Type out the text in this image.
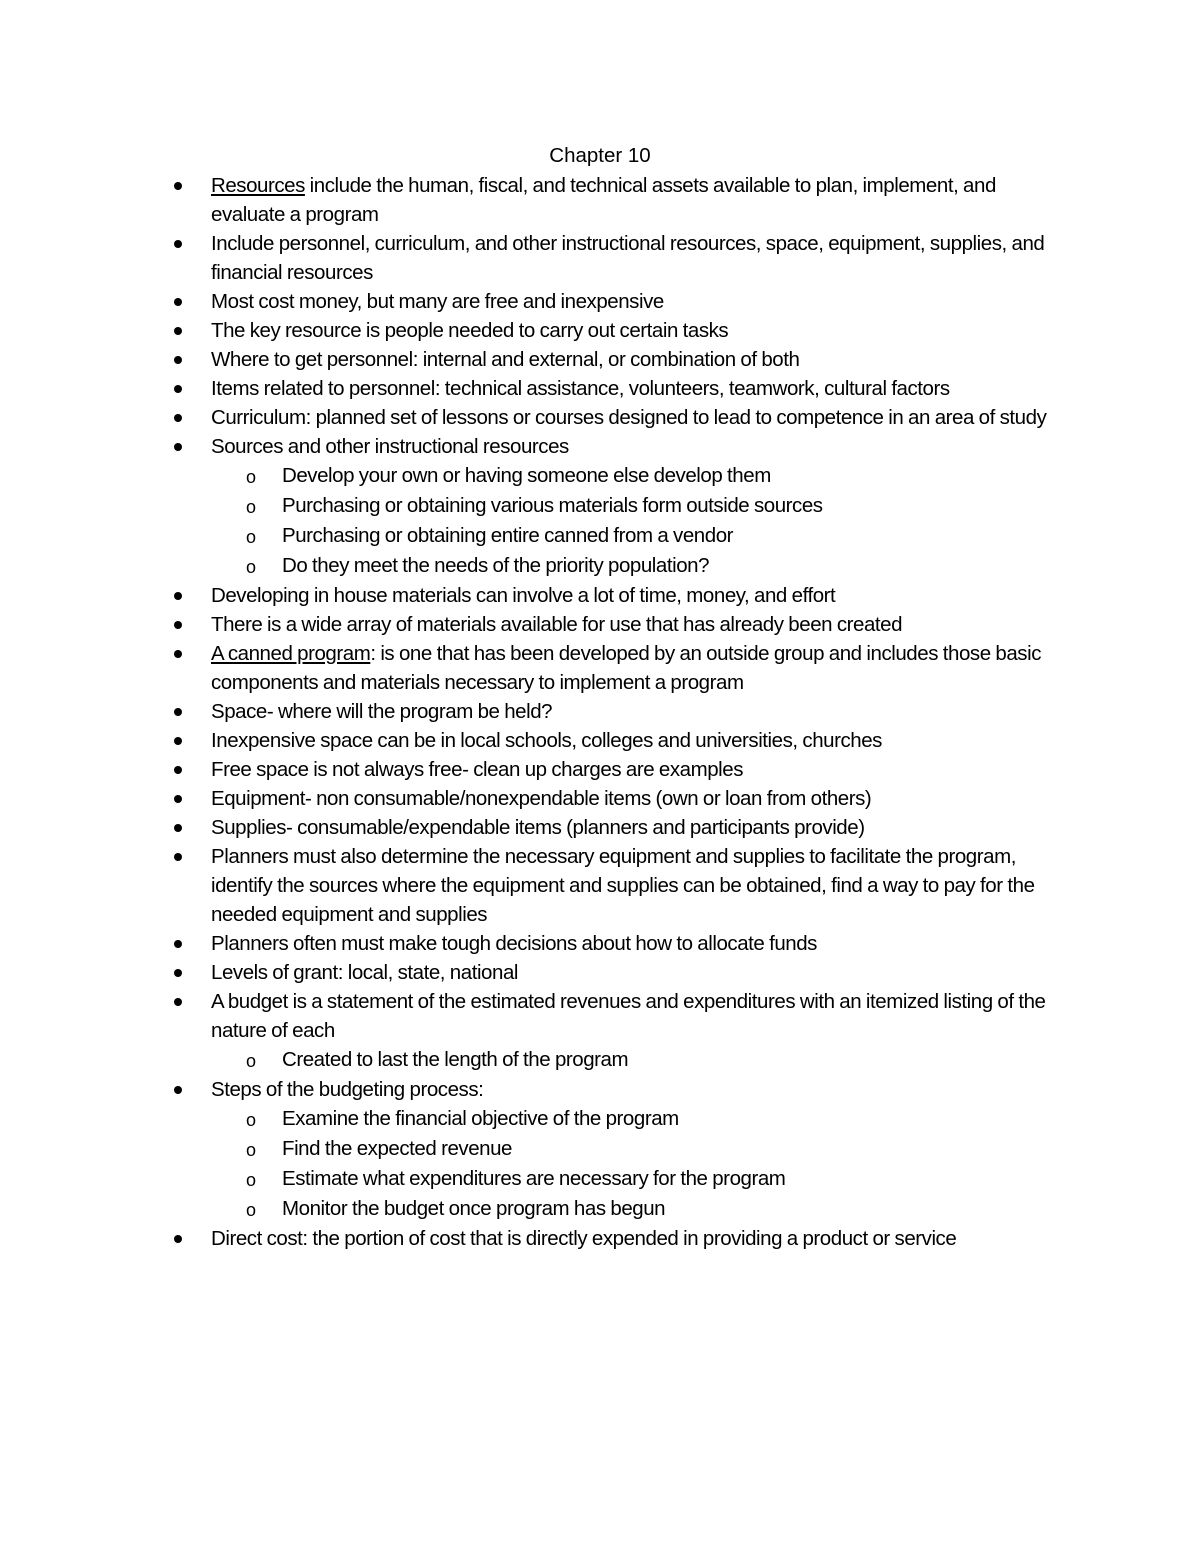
Chapter 10
Resources include the human, fiscal, and technical assets available to plan, implement, and evaluate a program
Include personnel, curriculum, and other instructional resources, space, equipment, supplies, and financial resources
Most cost money, but many are free and inexpensive
The key resource is people needed to carry out certain tasks
Where to get personnel: internal and external, or combination of both
Items related to personnel: technical assistance, volunteers, teamwork, cultural factors
Curriculum: planned set of lessons or courses designed to lead to competence in an area of study
Sources and other instructional resources
o Develop your own or having someone else develop them
o Purchasing or obtaining various materials form outside sources
o Purchasing or obtaining entire canned from a vendor
o Do they meet the needs of the priority population?
Developing in house materials can involve a lot of time, money, and effort
There is a wide array of materials available for use that has already been created
A canned program: is one that has been developed by an outside group and includes those basic components and materials necessary to implement a program
Space- where will the program be held?
Inexpensive space can be in local schools, colleges and universities, churches
Free space is not always free- clean up charges are examples
Equipment- non consumable/nonexpendable items (own or loan from others)
Supplies- consumable/expendable items (planners and participants provide)
Planners must also determine the necessary equipment and supplies to facilitate the program, identify the sources where the equipment and supplies can be obtained, find a way to pay for the needed equipment and supplies
Planners often must make tough decisions about how to allocate funds
Levels of grant: local, state, national
A budget is a statement of the estimated revenues and expenditures with an itemized listing of the nature of each
o Created to last the length of the program
Steps of the budgeting process:
o Examine the financial objective of the program
o Find the expected revenue
o Estimate what expenditures are necessary for the program
o Monitor the budget once program has begun
Direct cost: the portion of cost that is directly expended in providing a product or service
